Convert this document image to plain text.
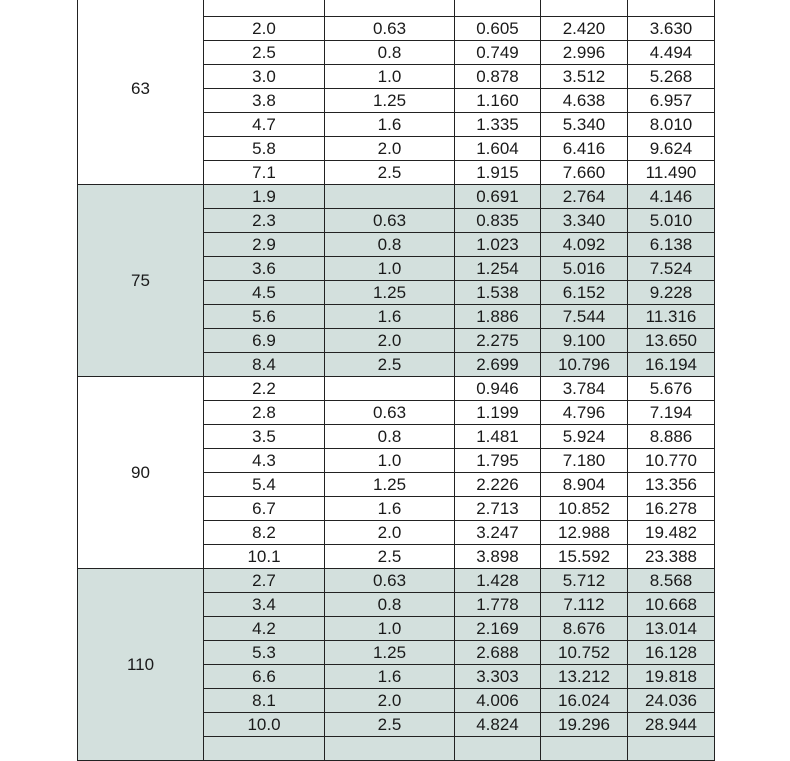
63					
	2.0	0.63	0.605	2.420	3.630
	2.5	0.8	0.749	2.996	4.494
	3.0	1.0	0.878	3.512	5.268
	3.8	1.25	1.160	4.638	6.957
	4.7	1.6	1.335	5.340	8.010
	5.8	2.0	1.604	6.416	9.624
	7.1	2.5	1.915	7.660	11.490
75	1.9		0.691	2.764	4.146
	2.3	0.63	0.835	3.340	5.010
	2.9	0.8	1.023	4.092	6.138
	3.6	1.0	1.254	5.016	7.524
	4.5	1.25	1.538	6.152	9.228
	5.6	1.6	1.886	7.544	11.316
	6.9	2.0	2.275	9.100	13.650
	8.4	2.5	2.699	10.796	16.194
90	2.2		0.946	3.784	5.676
	2.8	0.63	1.199	4.796	7.194
	3.5	0.8	1.481	5.924	8.886
	4.3	1.0	1.795	7.180	10.770
	5.4	1.25	2.226	8.904	13.356
	6.7	1.6	2.713	10.852	16.278
	8.2	2.0	3.247	12.988	19.482
	10.1	2.5	3.898	15.592	23.388
110	2.7	0.63	1.428	5.712	8.568
	3.4	0.8	1.778	7.112	10.668
	4.2	1.0	2.169	8.676	13.014
	5.3	1.25	2.688	10.752	16.128
	6.6	1.6	3.303	13.212	19.818
	8.1	2.0	4.006	16.024	24.036
	10.0	2.5	4.824	19.296	28.944
